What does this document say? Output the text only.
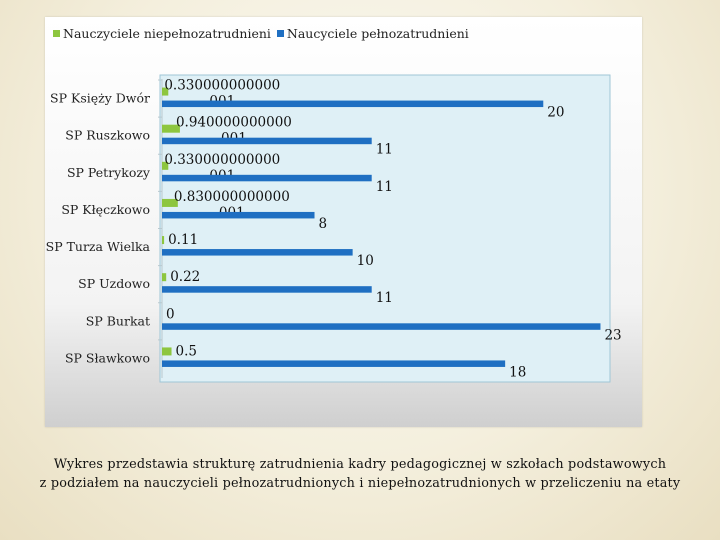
Nauczyciele niepełnozatrudnieni Naucyciele pełnozatrudnieni
SP Księży Dwór
0.330000000000
20
SP Ruszkowo
0.940000000000
11
SP Petrykozy
0.330000000000
11
SP Kłęczkowo
0.830000000000
8
SP Turza Wielka 0.11
10
SP Uzdowo 0.22
11
SP Burkat 0
23
SP Sławkowo 0.5
18
Wykres przedstawia strukturę zatrudnienia kadry pedagogicznej w szkołach podstawowych
z podziałem na nauczycieli pełnozatrudnionych i niepełnozatrudnionych w przeliczeniu na etaty
